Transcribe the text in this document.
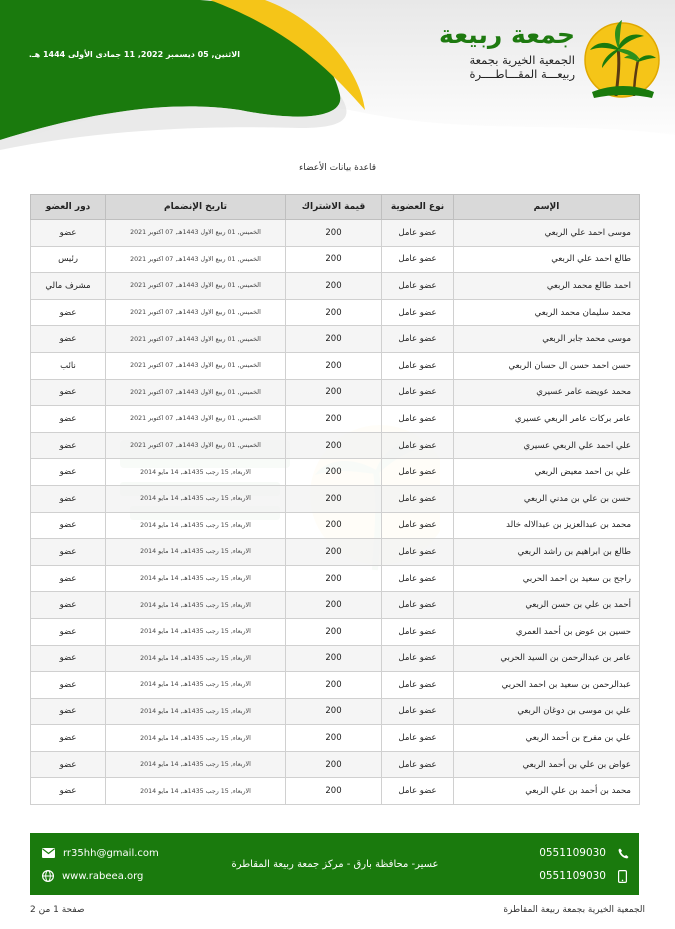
الاثنين, 05 ديسمبر 2022, 11 جمادى الأولى 1444 هـ.
جمعة ربيعة
الجمعية الخيرية بجمعة
ربيعـــة المقـــاطــــرة
قاعدة بيانات الأعضاء
الإسم	نوع العضوية	قيمة الاشتراك	تاريخ الإنضمام	دور العضو
موسى احمد علي الربعي	عضو عامل	200	الخميس, 01 ربيع الاول 1443هـ, 07 اكتوبر 2021	عضو
طالع احمد علي الربعي	عضو عامل	200	الخميس, 01 ربيع الاول 1443هـ, 07 اكتوبر 2021	رئيس
احمد طالع محمد الربعي	عضو عامل	200	الخميس, 01 ربيع الاول 1443هـ, 07 اكتوبر 2021	مشرف مالي
محمد سليمان محمد الربعي	عضو عامل	200	الخميس, 01 ربيع الاول 1443هـ, 07 اكتوبر 2021	عضو
موسى محمد جابر الربعي	عضو عامل	200	الخميس, 01 ربيع الاول 1443هـ, 07 اكتوبر 2021	عضو
حسن احمد حسن ال حسان الربعي	عضو عامل	200	الخميس, 01 ربيع الاول 1443هـ, 07 اكتوبر 2021	نائب
محمد عويضه عامر عسيري	عضو عامل	200	الخميس, 01 ربيع الاول 1443هـ, 07 اكتوبر 2021	عضو
عامر بركات عامر الربعي عسيري	عضو عامل	200	الخميس, 01 ربيع الاول 1443هـ, 07 اكتوبر 2021	عضو
علي احمد علي الربعي عسيري	عضو عامل	200	الخميس, 01 ربيع الاول 1443هـ, 07 اكتوبر 2021	عضو
علي بن احمد معيض الربعي	عضو عامل	200	الاربعاء, 15 رجب 1435هـ, 14 مايو 2014	عضو
حسن بن علي بن مدني الربعي	عضو عامل	200	الاربعاء, 15 رجب 1435هـ, 14 مايو 2014	عضو
محمد بن عبدالعزيز بن عبدالاله خالد	عضو عامل	200	الاربعاء, 15 رجب 1435هـ, 14 مايو 2014	عضو
طالع بن ابراهيم بن راشد الربعي	عضو عامل	200	الاربعاء, 15 رجب 1435هـ, 14 مايو 2014	عضو
راجح بن سعيد بن احمد الحربي	عضو عامل	200	الاربعاء, 15 رجب 1435هـ, 14 مايو 2014	عضو
أحمد بن علي بن حسن الربعي	عضو عامل	200	الاربعاء, 15 رجب 1435هـ, 14 مايو 2014	عضو
حسين بن عوض بن أحمد العمري	عضو عامل	200	الاربعاء, 15 رجب 1435هـ, 14 مايو 2014	عضو
عامر بن عبدالرحمن بن السيد الحربي	عضو عامل	200	الاربعاء, 15 رجب 1435هـ, 14 مايو 2014	عضو
عبدالرحمن بن سعيد بن احمد الحربي	عضو عامل	200	الاربعاء, 15 رجب 1435هـ, 14 مايو 2014	عضو
علي بن موسى بن دوغان الربعي	عضو عامل	200	الاربعاء, 15 رجب 1435هـ, 14 مايو 2014	عضو
علي بن مفرح بن أحمد الربعي	عضو عامل	200	الاربعاء, 15 رجب 1435هـ, 14 مايو 2014	عضو
عواض بن علي بن أحمد الربعي	عضو عامل	200	الاربعاء, 15 رجب 1435هـ, 14 مايو 2014	عضو
محمد بن أحمد بن علي الربعي	عضو عامل	200	الاربعاء, 15 رجب 1435هـ, 14 مايو 2014	عضو
rr35hh@gmail.com
www.rabeea.org
عسير- محافظة بارق - مركز جمعة ربيعة المقاطرة
0551109030
0551109030
الجمعية الخيرية بجمعة ربيعة المقاطرة
صفحة 1 من 2
